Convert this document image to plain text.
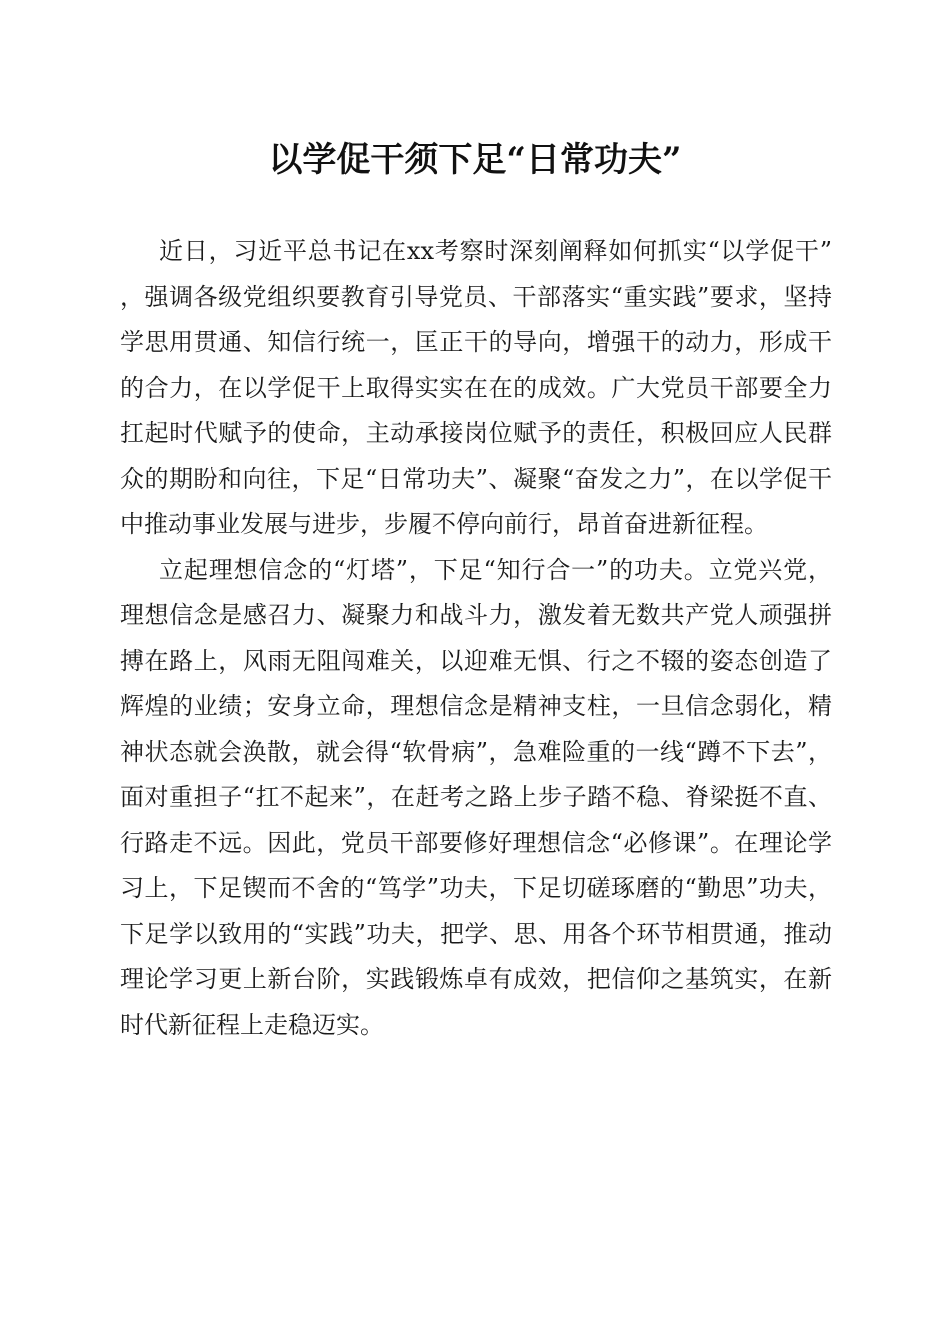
以学促干须下足“日常功夫”

近日，习近平总书记在xx考察时深刻阐释如何抓实“以学促干”，强调各级党组织要教育引导党员、干部落实“重实践”要求，坚持学思用贯通、知信行统一，匡正干的导向，增强干的动力，形成干的合力，在以学促干上取得实实在在的成效。广大党员干部要全力扛起时代赋予的使命，主动承接岗位赋予的责任，积极回应人民群众的期盼和向往，下足“日常功夫”、凝聚“奋发之力”，在以学促干中推动事业发展与进步，步履不停向前行，昂首奋进新征程。

立起理想信念的“灯塔”，下足“知行合一”的功夫。立党兴党，理想信念是感召力、凝聚力和战斗力，激发着无数共产党人顽强拼搏在路上，风雨无阻闯难关，以迎难无惧、行之不辍的姿态创造了辉煌的业绩；安身立命，理想信念是精神支柱，一旦信念弱化，精神状态就会涣散，就会得“软骨病”，急难险重的一线“蹲不下去”，面对重担子“扛不起来”，在赶考之路上步子踏不稳、脊梁挺不直、行路走不远。因此，党员干部要修好理想信念“必修课”。在理论学习上，下足锲而不舍的“笃学”功夫，下足切磋琢磨的“勤思”功夫，下足学以致用的“实践”功夫，把学、思、用各个环节相贯通，推动理论学习更上新台阶，实践锻炼卓有成效，把信仰之基筑实，在新时代新征程上走稳迈实。
